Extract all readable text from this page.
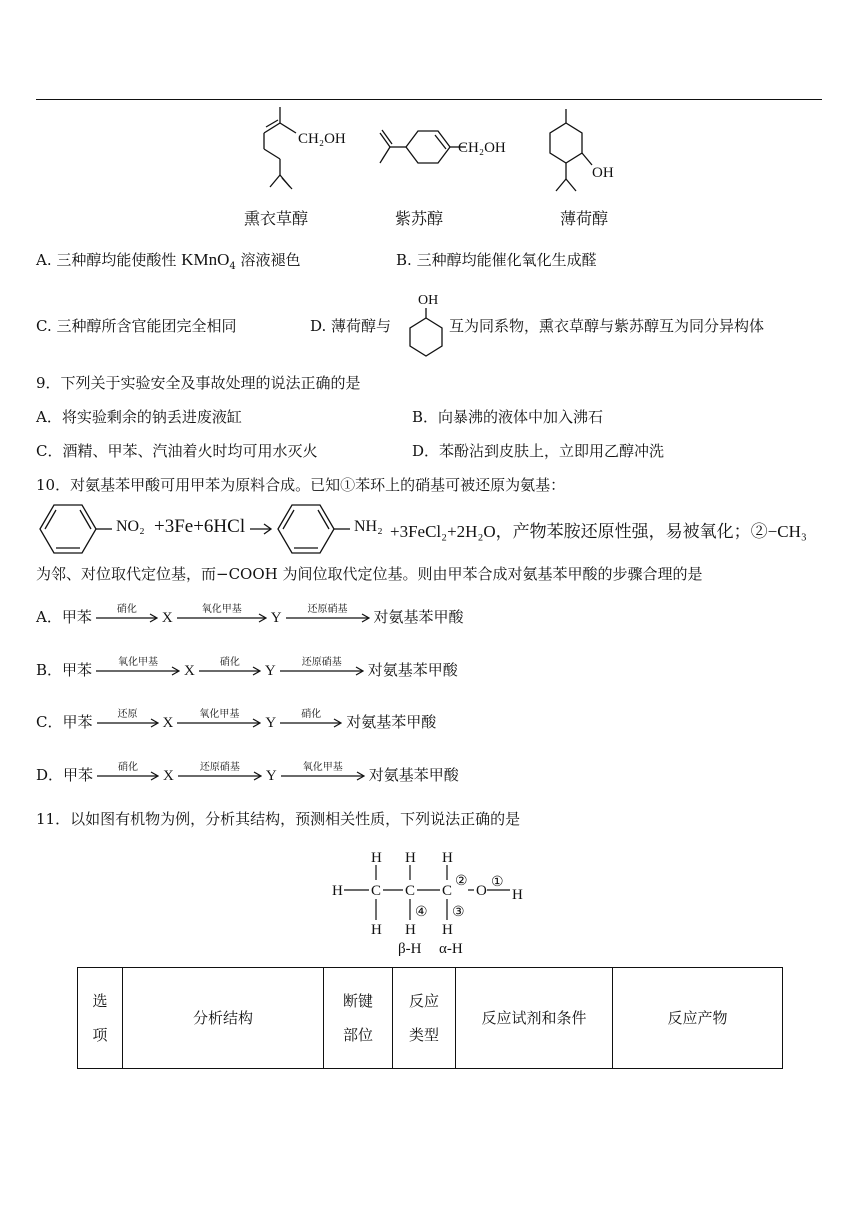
CH₂OH
CH₂OH
OH
熏衣草醇	紫苏醇	薄荷醇
A. 三种醇均能使酸性 KMnO$_4$ 溶液褪色	B. 三种醇均能催化氧化生成醛
C. 三种醇所含官能团完全相同	D. 薄荷醇与
OH
互为同系物，熏衣草醇与紫苏醇互为同分异构体
9．下列关于实验安全及事故处理的说法正确的是
A．将实验剩余的钠丢进废液缸	B．向暴沸的液体中加入沸石
C．酒精、甲苯、汽油着火时均可用水灭火	D．苯酚沾到皮肤上，立即用乙醇冲洗
10．对氨基苯甲酸可用甲苯为原料合成。已知①苯环上的硝基可被还原为氨基：
NO₂ +3Fe+6HCl →	NH₂ +3FeCl₂+2H₂O，产物苯胺还原性强，易被氧化；②−CH₃
为邻、对位取代定位基，而−COOH 为间位取代定位基。则由甲苯合成对氨基苯甲酸的步骤合理的是
A．甲苯	硝化
X
氧化甲基
Y
还原硝基	对氨基苯甲酸
B．甲苯	氧化甲基
X
硝化
Y
还原硝基	对氨基苯甲酸
C．甲苯	还原
X
氧化甲基
Y
硝化	对氨基苯甲酸
D．甲苯	硝化
X
还原硝基
Y
氧化甲基	对氨基苯甲酸
11．以如图有机物为例，分析其结构，预测相关性质，下列说法正确的是
H H H
H C C C O H
H H H
② ①
③
④
β-H α-H
选
项
	分析结构	
断键
部位

反应
类型
	反应试剂和条件	反应产物
